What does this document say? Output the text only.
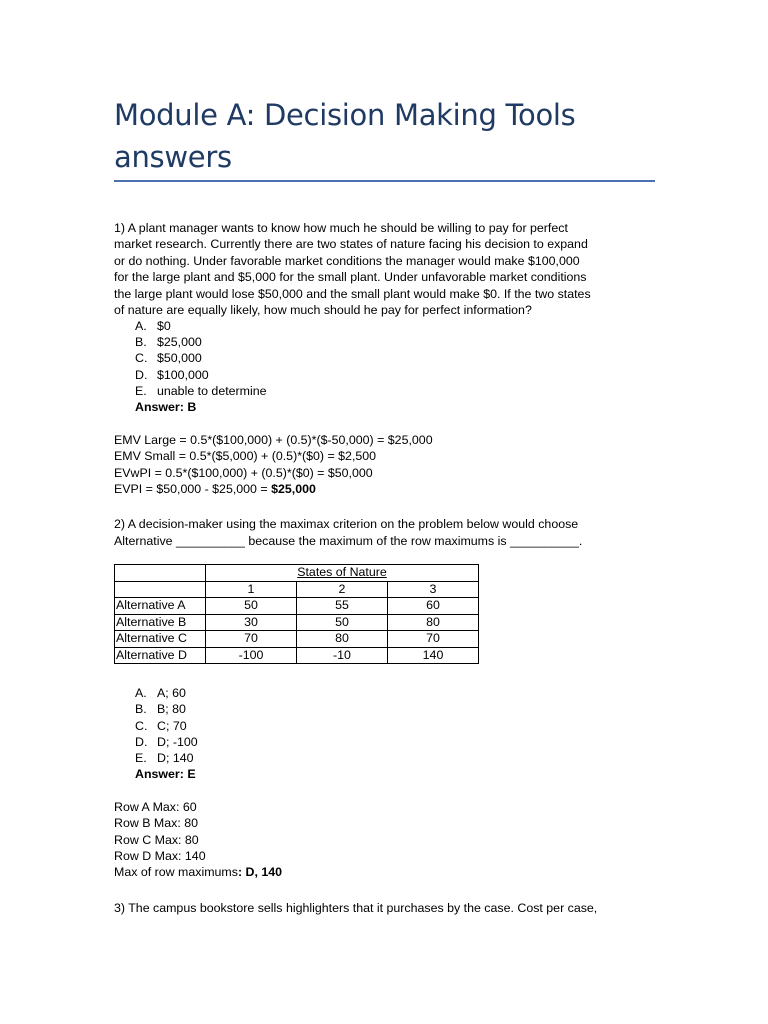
Module A: Decision Making Tools
answers
1) A plant manager wants to know how much he should be willing to pay for perfect
market research. Currently there are two states of nature facing his decision to expand
or do nothing. Under favorable market conditions the manager would make $100,000
for the large plant and $5,000 for the small plant. Under unfavorable market conditions
the large plant would lose $50,000 and the small plant would make $0. If the two states
of nature are equally likely, how much should he pay for perfect information?
A. $0
B. $25,000
C. $50,000
D. $100,000
E. unable to determine
Answer: B
EMV Large = 0.5*($100,000) + (0.5)*($-50,000) = $25,000
EMV Small = 0.5*($5,000) + (0.5)*($0) = $2,500
EVwPI = 0.5*($100,000) + (0.5)*($0) = $50,000
EVPI = $50,000 - $25,000 = $25,000
2) A decision-maker using the maximax criterion on the problem below would choose
Alternative __________ because the maximum of the row maximums is __________.
	States of Nature		
	1	2	3
Alternative A	50	55	60
Alternative B	30	50	80
Alternative C	70	80	70
Alternative D	-100	-10	140
A. A; 60
B. B; 80
C. C; 70
D. D; -100
E. D; 140
Answer: E
Row A Max: 60
Row B Max: 80
Row C Max: 80
Row D Max: 140
Max of row maximums: D, 140
3) The campus bookstore sells highlighters that it purchases by the case. Cost per case,
